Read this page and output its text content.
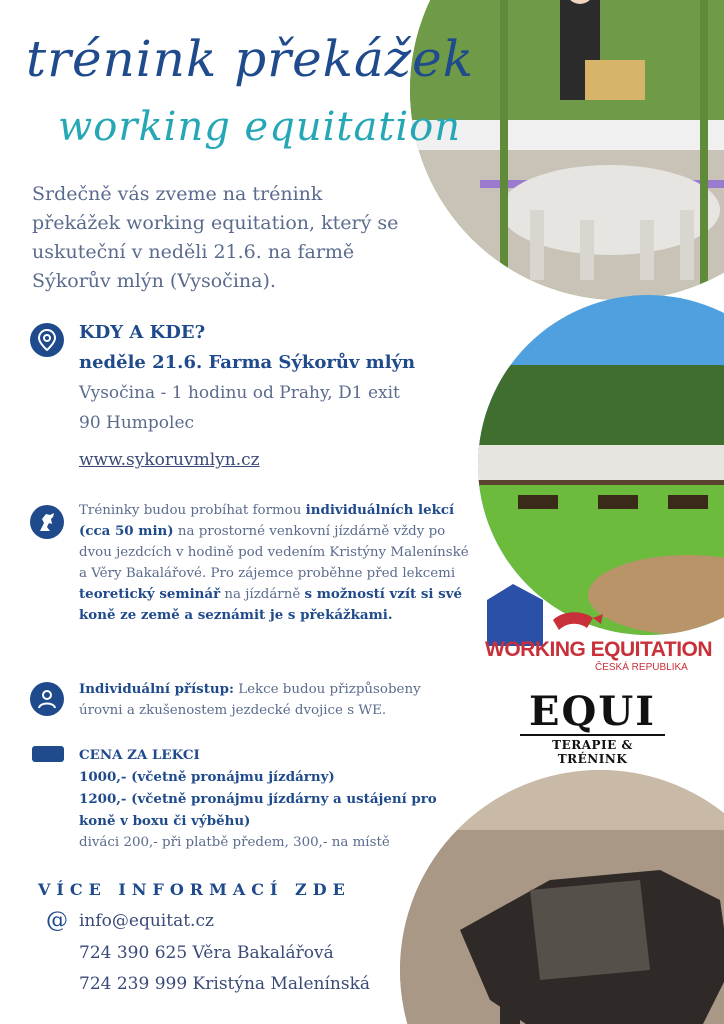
trénink překážek
working equitation
Srdečně vás zveme na trénink překážek working equitation, který se uskuteční v neděli 21.6. na farmě Sýkorův mlýn (Vysočina).
KDY A KDE?
neděle 21.6. Farma Sýkorův mlýn
Vysočina - 1 hodinu od Prahy, D1 exit 90 Humpolec
www.sykoruvmlyn.cz
Tréninky budou probíhat formou individuálních lekcí (cca 50 min) na prostorné venkovní jízdárně vždy po dvou jezdcích v hodině pod vedením Kristýny Malenínské a Věry Bakalářové. Pro zájemce proběhne před lekcemi teoretický seminář na jízdárně s možností vzít si své koně ze země a seznámit je s překážkami.
Individuální přístup: Lekce budou přizpůsobeny úrovni a zkušenostem jezdecké dvojice s WE.
CENA ZA LEKCI
1000,- (včetně pronájmu jízdárny)
1200,- (včetně pronájmu jízdárny a ustájení pro koně v boxu či výběhu)
diváci 200,- při platbě předem, 300,- na místě
VÍCE INFORMACÍ ZDE
@ info@equitat.cz
724 390 625 Věra Bakalářová
724 239 999 Kristýna Malenínská
WORKING EQUITATION
ČESKÁ REPUBLIKA
EQUI
TERAPIE & TRÉNINK
